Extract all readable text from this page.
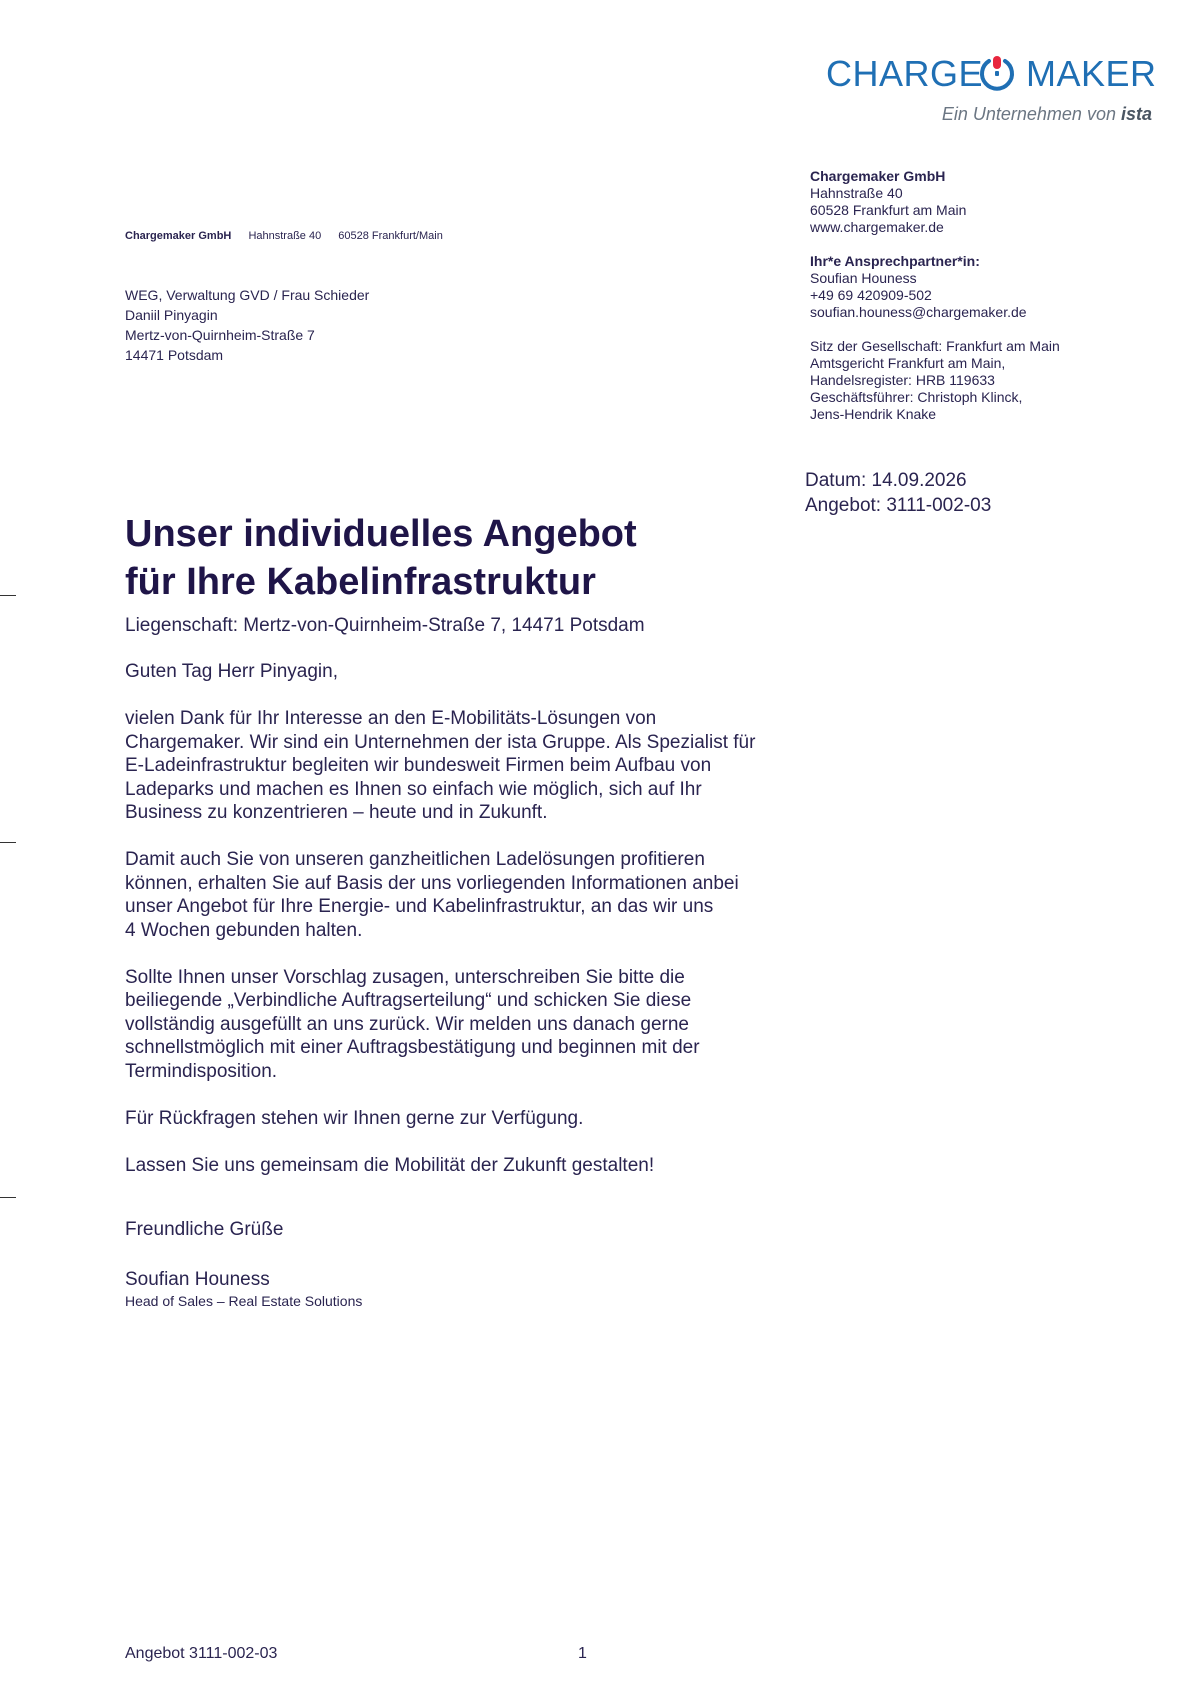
CHARGE MAKER
Ein Unternehmen von ista
Chargemaker GmbH Hahnstraße 40 60528 Frankfurt/Main
WEG, Verwaltung GVD / Frau Schieder
Daniil Pinyagin
Mertz-von-Quirnheim-Straße 7
14471 Potsdam
Chargemaker GmbH
Hahnstraße 40
60528 Frankfurt am Main
www.chargemaker.de
Ihr*e Ansprechpartner*in:
Soufian Houness
+49 69 420909-502
soufian.houness@chargemaker.de
Sitz der Gesellschaft: Frankfurt am Main
Amtsgericht Frankfurt am Main,
Handelsregister: HRB 119633
Geschäftsführer: Christoph Klinck,
Jens-Hendrik Knake
Datum: 14.09.2026
Angebot: 3111-002-03
Unser individuelles Angebot
für Ihre Kabelinfrastruktur
Liegenschaft: Mertz-von-Quirnheim-Straße 7, 14471 Potsdam

Guten Tag Herr Pinyagin,

vielen Dank für Ihr Interesse an den E-Mobilitäts-Lösungen von
Chargemaker. Wir sind ein Unternehmen der ista Gruppe. Als Spezialist für
E-Ladeinfrastruktur begleiten wir bundesweit Firmen beim Aufbau von
Ladeparks und machen es Ihnen so einfach wie möglich, sich auf Ihr
Business zu konzentrieren – heute und in Zukunft.

Damit auch Sie von unseren ganzheitlichen Ladelösungen profitieren
können, erhalten Sie auf Basis der uns vorliegenden Informationen anbei
unser Angebot für Ihre Energie- und Kabelinfrastruktur, an das wir uns
4 Wochen gebunden halten.

Sollte Ihnen unser Vorschlag zusagen, unterschreiben Sie bitte die
beiliegende „Verbindliche Auftragserteilung“ und schicken Sie diese
vollständig ausgefüllt an uns zurück. Wir melden uns danach gerne
schnellstmöglich mit einer Auftragsbestätigung und beginnen mit der
Termindisposition.

Für Rückfragen stehen wir Ihnen gerne zur Verfügung.

Lassen Sie uns gemeinsam die Mobilität der Zukunft gestalten!

Freundliche Grüße
Soufian Houness
Head of Sales – Real Estate Solutions
Angebot 3111-002-03	1
